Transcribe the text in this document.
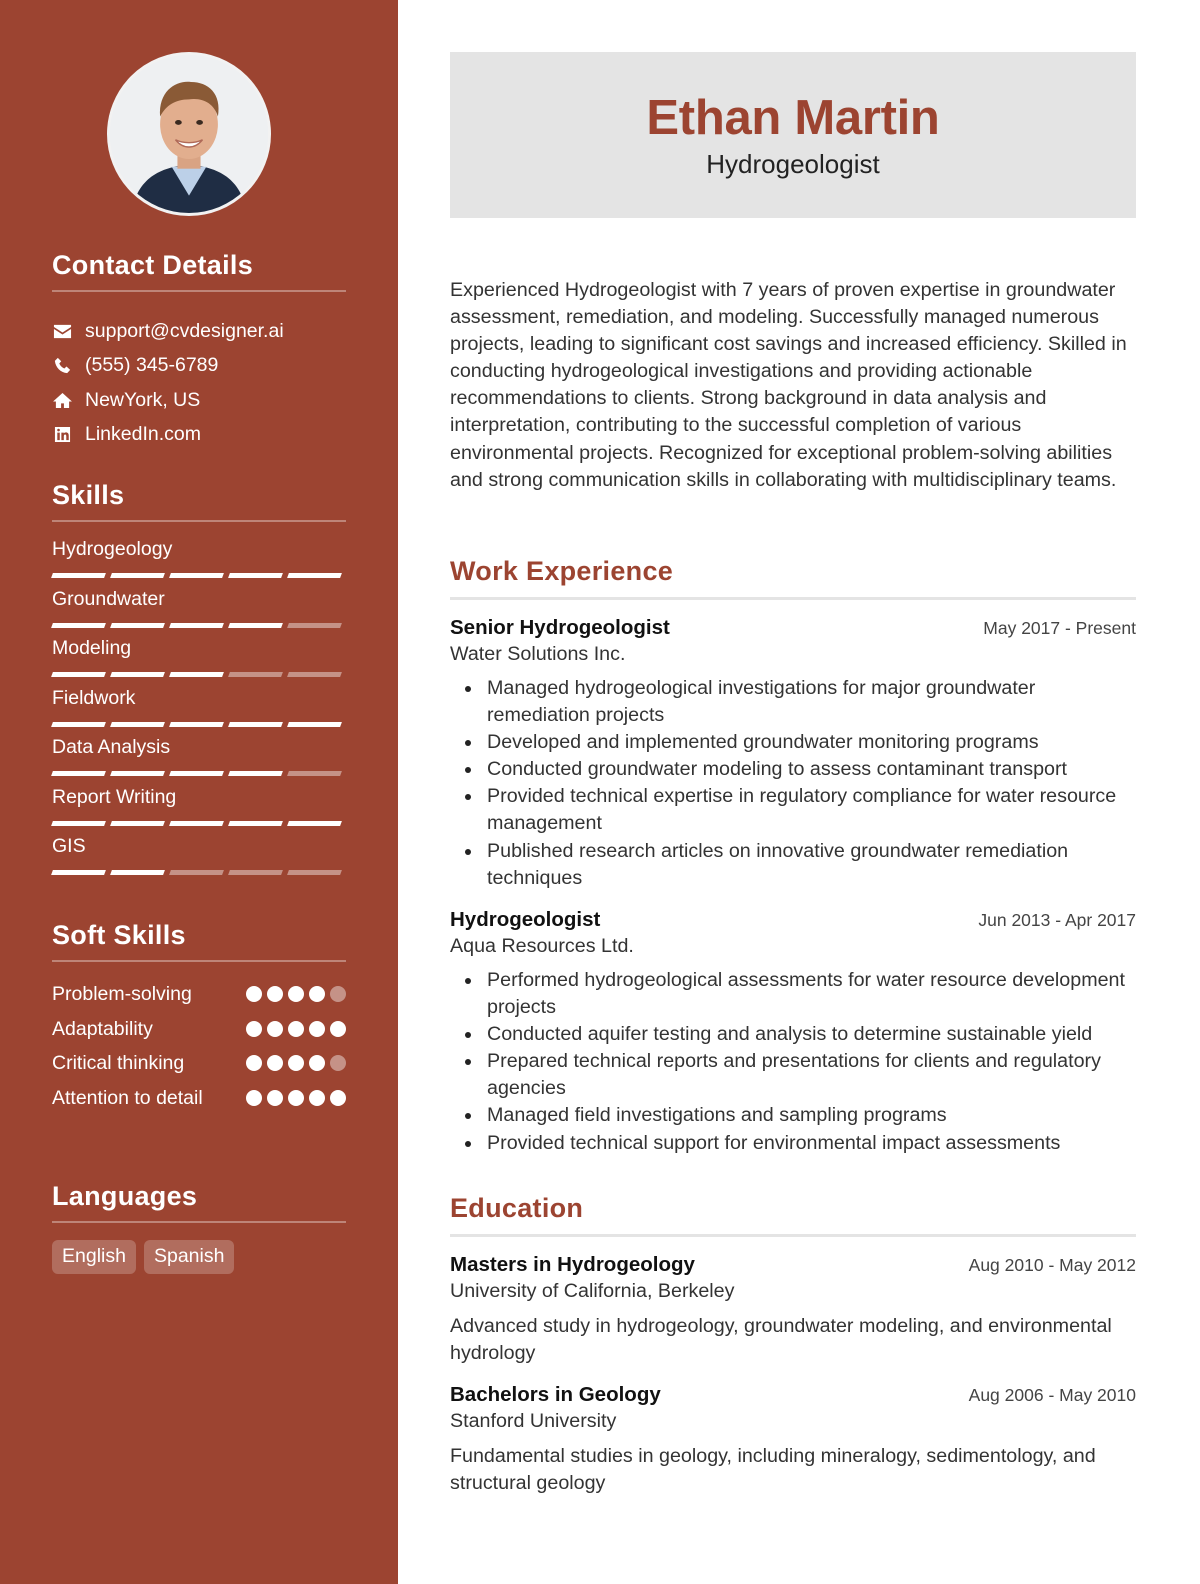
Contact Details
support@cvdesigner.ai
(555) 345-6789
NewYork, US
LinkedIn.com
Skills
Hydrogeology
Groundwater
Modeling
Fieldwork
Data Analysis
Report Writing
GIS
Soft Skills
Problem-solving
Adaptability
Critical thinking
Attention to detail
Languages
English	Spanish
Ethan Martin
Hydrogeologist

Experienced Hydrogeologist with 7 years of proven expertise in groundwater assessment, remediation, and modeling. Successfully managed numerous projects, leading to significant cost savings and increased efficiency. Skilled in conducting hydrogeological investigations and providing actionable recommendations to clients. Strong background in data analysis and interpretation, contributing to the successful completion of various environmental projects. Recognized for exceptional problem-solving abilities and strong communication skills in collaborating with multidisciplinary teams.

Work Experience
Senior Hydrogeologist	May 2017 - Present
Water Solutions Inc.
Managed hydrogeological investigations for major groundwater remediation projects
Developed and implemented groundwater monitoring programs
Conducted groundwater modeling to assess contaminant transport
Provided technical expertise in regulatory compliance for water resource management
Published research articles on innovative groundwater remediation techniques
Hydrogeologist	Jun 2013 - Apr 2017
Aqua Resources Ltd.
Performed hydrogeological assessments for water resource development projects
Conducted aquifer testing and analysis to determine sustainable yield
Prepared technical reports and presentations for clients and regulatory agencies
Managed field investigations and sampling programs
Provided technical support for environmental impact assessments
Education
Masters in Hydrogeology	Aug 2010 - May 2012
University of California, Berkeley

Advanced study in hydrogeology, groundwater modeling, and environmental hydrology

Bachelors in Geology	Aug 2006 - May 2010
Stanford University

Fundamental studies in geology, including mineralogy, sedimentology, and structural geology
